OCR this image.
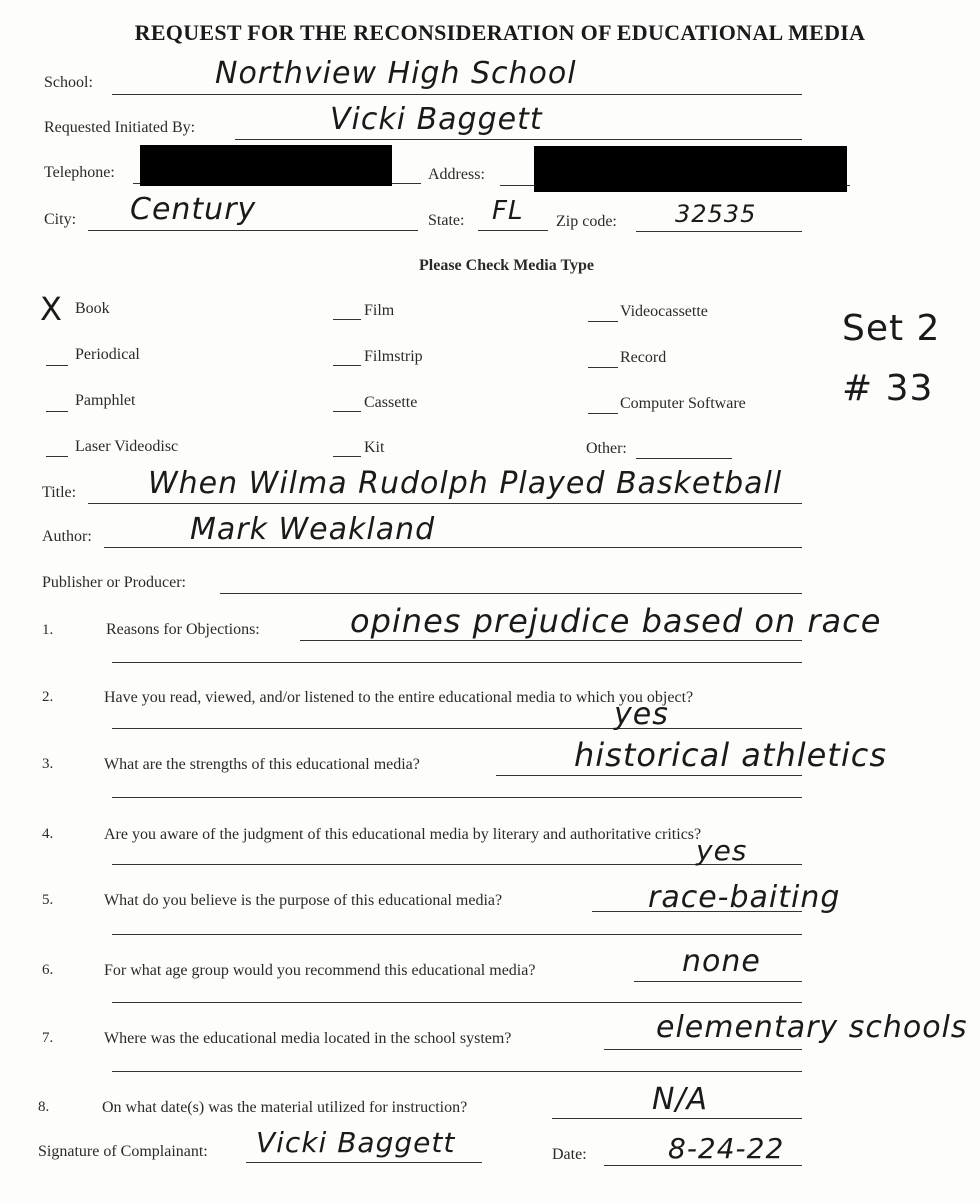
REQUEST FOR THE RECONSIDERATION OF EDUCATIONAL MEDIA
School:	Northview High School
Requested Initiated By:	Vicki Baggett
Telephone:	Address:
City: Century	State: FL Zip code: 32535
Please Check Media Type
X Book	Film	Videocassette
Periodical	Filmstrip	Record
Pamphlet	Cassette	Computer Software
Laser Videodisc	Kit	Other:
Set 2
# 33
Title: When Wilma Rudolph Played Basketball
Author:	Mark Weakland
Publisher or Producer:
1.	Reasons for Objections:	opines prejudice based on race
2.	Have you read, viewed, and/or listened to the entire educational media to which you object?
yes
3.	What are the strengths of this educational media?	historical athletics
4.	Are you aware of the judgment of this educational media by literary and authoritative critics?
yes
5.	What do you believe is the purpose of this educational media?	race-baiting
6.	For what age group would you recommend this educational media?	none
7.	Where was the educational media located in the school system?	elementary schools
8.	On what date(s) was the material utilized for instruction?	N/A
Signature of Complainant: Vicki Baggett	Date:	8-24-22
